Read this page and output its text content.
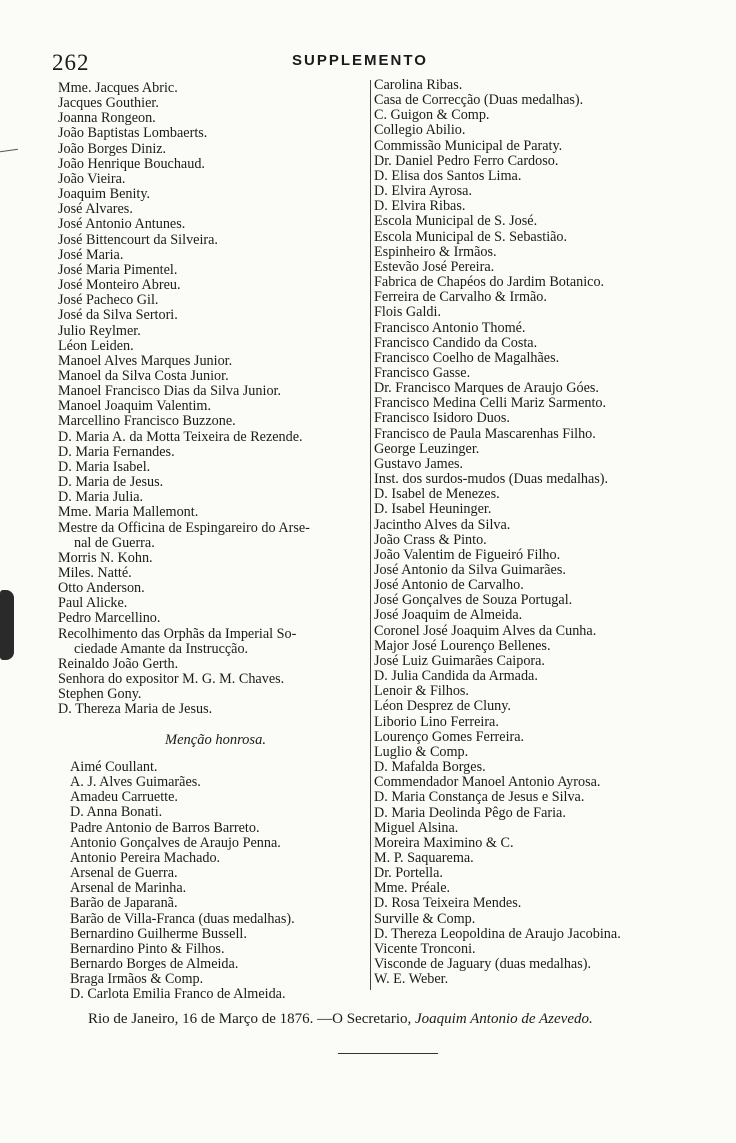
262	SUPPLEMENTO
Mme. Jacques Abric.
Jacques Gouthier.
Joanna Rongeon.
João Baptistas Lombaerts.
João Borges Diniz.
João Henrique Bouchaud.
João Vieira.
Joaquim Benity.
José Alvares.
José Antonio Antunes.
José Bittencourt da Silveira.
José Maria.
José Maria Pimentel.
José Monteiro Abreu.
José Pacheco Gil.
José da Silva Sertori.
Julio Reylmer.
Léon Leiden.
Manoel Alves Marques Junior.
Manoel da Silva Costa Junior.
Manoel Francisco Dias da Silva Junior.
Manoel Joaquim Valentim.
Marcellino Francisco Buzzone.
D. Maria A. da Motta Teixeira de Rezende.
D. Maria Fernandes.
D. Maria Isabel.
D. Maria de Jesus.
D. Maria Julia.
Mme. Maria Mallemont.
Mestre da Officina de Espingareiro do Arse-
nal de Guerra.
Morris N. Kohn.
Miles. Natté.
Otto Anderson.
Paul Alicke.
Pedro Marcellino.
Recolhimento das Orphãs da Imperial So-
ciedade Amante da Instrucção.
Reinaldo João Gerth.
Senhora do expositor M. G. M. Chaves.
Stephen Gony.
D. Thereza Maria de Jesus.
Carolina Ribas.
Casa de Correcção (Duas medalhas).
C. Guigon & Comp.
Collegio Abilio.
Commissão Municipal de Paraty.
Dr. Daniel Pedro Ferro Cardoso.
D. Elisa dos Santos Lima.
D. Elvira Ayrosa.
D. Elvira Ribas.
Escola Municipal de S. José.
Escola Municipal de S. Sebastião.
Espinheiro & Irmãos.
Estevão José Pereira.
Fabrica de Chapéos do Jardim Botanico.
Ferreira de Carvalho & Irmão.
Flois Galdi.
Francisco Antonio Thomé.
Francisco Candido da Costa.
Francisco Coelho de Magalhães.
Francisco Gasse.
Dr. Francisco Marques de Araujo Góes.
Francisco Medina Celli Mariz Sarmento.
Francisco Isidoro Duos.
Francisco de Paula Mascarenhas Filho.
George Leuzinger.
Gustavo James.
Inst. dos surdos-mudos (Duas medalhas).
D. Isabel de Menezes.
D. Isabel Heuninger.
Jacintho Alves da Silva.
João Crass & Pinto.
João Valentim de Figueiró Filho.
José Antonio da Silva Guimarães.
José Antonio de Carvalho.
José Gonçalves de Souza Portugal.
José Joaquim de Almeida.
Coronel José Joaquim Alves da Cunha.
Major José Lourenço Bellenes.
José Luiz Guimarães Caipora.
D. Julia Candida da Armada.
Lenoir & Filhos.
Léon Desprez de Cluny.
Liborio Lino Ferreira.
Lourenço Gomes Ferreira.
Luglio & Comp.
D. Mafalda Borges.
Commendador Manoel Antonio Ayrosa.
D. Maria Constança de Jesus e Silva.
D. Maria Deolinda Pêgo de Faria.
Miguel Alsina.
Moreira Maximino & C.
M. P. Saquarema.
Dr. Portella.
Mme. Préale.
D. Rosa Teixeira Mendes.
Surville & Comp.
D. Thereza Leopoldina de Araujo Jacobina.
Vicente Tronconi.
Visconde de Jaguary (duas medalhas).
W. E. Weber.
Menção honrosa.
Aimé Coullant.
A. J. Alves Guimarães.
Amadeu Carruette.
D. Anna Bonati.
Padre Antonio de Barros Barreto.
Antonio Gonçalves de Araujo Penna.
Antonio Pereira Machado.
Arsenal de Guerra.
Arsenal de Marinha.
Barão de Japaranã.
Barão de Villa-Franca (duas medalhas).
Bernardino Guilherme Bussell.
Bernardino Pinto & Filhos.
Bernardo Borges de Almeida.
Braga Irmãos & Comp.
D. Carlota Emilia Franco de Almeida.
Rio de Janeiro, 16 de Março de 1876. —O Secretario, Joaquim Antonio de Azevedo.
